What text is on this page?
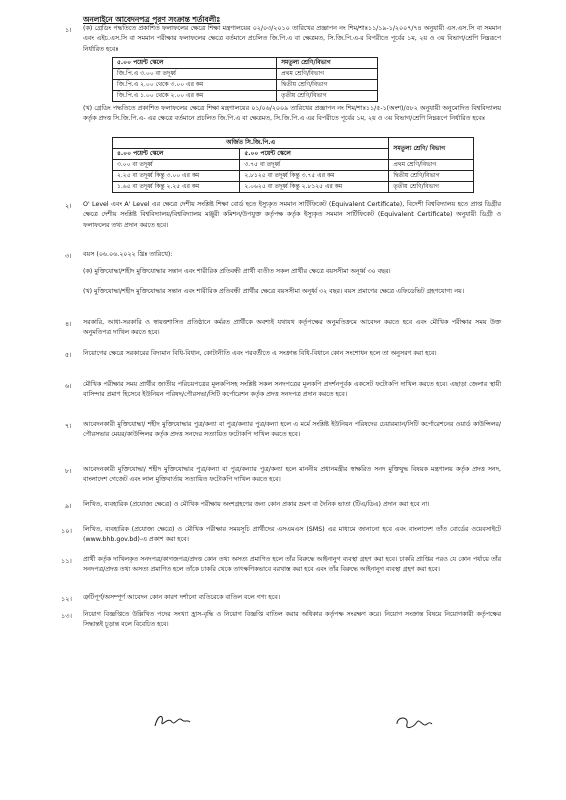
অনলাইনে আবেদনপত্র পূরণ সংক্রান্ত শর্তাবলীঃ
১। (ক) গ্রেডিং পদ্ধতিতে প্রকাশিত ফলাফলের ক্ষেত্রে শিক্ষা মন্ত্রণালয়ের ০২/০৩/২০১০ তারিখের প্রজ্ঞাপন নং শিম/শাঃ১১/১৯-১/২০০৭/৭৪ অনুযায়ী এস.এস.সি বা সমমান এবং এইচ.এস.সি বা সমমান পরীক্ষার ফলাফলের ক্ষেত্রে বর্তমানে প্রচলিত জি.পি.এ বা ক্ষেত্রমত, সি.জি.পি.এ-র বিপরীতে পূর্বের ১ম, ২য় ও ৩য় বিভাগ/শ্রেণি নিম্নরূপে নির্ধারিত হবেঃ
৫.০০ পয়েন্ট স্কেলে	সমতুল্য শ্রেণি/বিভাগ
জি.পি.এ ৩.০০ বা তদূর্ধ্ব	প্রথম শ্রেণি/বিভাগ
জি.পি.এ ২.০০ থেকে ৩.০০ এর কম	দ্বিতীয় শ্রেণি/বিভাগ
জি.পি.এ ১.০০ থেকে ২.০০ এর কম	তৃতীয় শ্রেণি/বিভাগ
(খ) গ্রেডিং পদ্ধতিতে প্রকাশিত ফলাফলের ক্ষেত্রে শিক্ষা মন্ত্রণালয়ের ০১/০৬/২০০৯ তারিখের প্রজ্ঞাপন নং শিম/শাঃ১১/৫-১(অংশ)/৫৮২ অনুযায়ী অনুমোদিত বিশ্ববিদ্যালয় কর্তৃক প্রদত্ত সি.জি.পি.এ- এর ক্ষেত্রে বর্তমানে প্রচলিত জি.পি.এ বা ক্ষেত্রমত, সি.জি.পি.এ এর বিপরীতে পূর্বের ১ম, ২য় ও ৩য় বিভাগ/শ্রেণি নিম্নরূপে নির্ধারিত হবেঃ
অর্জিত সি.জি.পি.এ		সমতুল্য শ্রেণি/ বিভাগ
৪.০০ পয়েন্ট স্কেলে	৫.০০ পয়েন্ট স্কেলে	
৩.০০ বা তদূর্ধ্ব	৩.৭৫ বা তদূর্ধ্ব	প্রথম শ্রেণি/বিভাগ
২.২৫ বা তদূর্ধ্ব কিন্তু ৩.০০ এর কম	২.৮১২৫ বা তদূর্ধ্ব কিন্তু ৩.৭৫ এর কম	দ্বিতীয় শ্রেণি/বিভাগ
১.৬৫ বা তদূর্ধ্ব কিন্তু ২.২৫ এর কম	২.০৬২৫ বা তদূর্ধ্ব কিন্তু ২.৮১২৫ এর কম	তৃতীয় শ্রেণি/বিভাগ
২। O' Level এবং A' Level এর ক্ষেত্রে দেশীয় সংশ্লিষ্ট শিক্ষা বোর্ড হতে ইস্যুকৃত সমমান সার্টিফিকেট (Equivalent Certificate), বিদেশী বিশ্ববিদ্যালয় হতে প্রাপ্ত ডিগ্রীর ক্ষেত্রে দেশীয় সংশ্লিষ্ট বিশ্ববিদ্যালয়/বিশ্ববিদ্যালয় মঞ্জুরী কমিশন/উপযুক্ত কর্তৃপক্ষ কর্তৃক ইস্যুকৃত সমমান সার্টিফিকেট (Equivalent Certificate) অনুযায়ী ডিগ্রী ও ফলাফলের তথ্য প্রদান করতে হবে।
৩। বয়স (০৬.০৬.২০২২ খ্রিঃ তারিখে):
(ক) মুক্তিযোদ্ধা/শহীদ মুক্তিযোদ্ধার সন্তান এবং শারীরিক প্রতিবন্ধী প্রার্থী ব্যতীত সকল প্রার্থীর ক্ষেত্রে বয়সসীমা অনূর্ধ্ব ৩০ বছর।
(খ) মুক্তিযোদ্ধা/শহীদ মুক্তিযোদ্ধার সন্তান এবং শারীরিক প্রতিবন্ধী প্রার্থীর ক্ষেত্রে বয়সসীমা অনূর্ধ্ব ৩২ বছর। বয়স প্রমাণের ক্ষেত্রে এফিডেভিট গ্রহণযোগ্য নয়।
৪। সরকারি, আধা-সরকারি ও স্বায়ত্তশাসিত প্রতিষ্ঠানে কর্মরত প্রার্থীকে অবশ্যই যথাযথ কর্তৃপক্ষের অনুমতিক্রমে আবেদন করতে হবে এবং মৌখিক পরীক্ষার সময় উক্ত অনুমতিপত্র দাখিল করতে হবে।
৫। নিয়োগের ক্ষেত্রে সরকারের বিদ্যমান বিধি-বিধান, কোটানীতি এবং পরবর্তীতে এ সংক্রান্ত বিধি-বিধানে কোন সংশোধন হলে তা অনুসরণ করা হবে।
৬। মৌখিক পরীক্ষার সময় প্রার্থীর জাতীয় পরিচয়পত্রের মূলকপিসহ সংশ্লিষ্ট সকল সনদপত্রের মূলকপি প্রদর্শনপূর্বক একসেট ফটোকপি দাখিল করতে হবে। এছাড়া জেলার স্থায়ী বাসিন্দার প্রমাণ হিসেবে ইউনিয়ন পরিষদ/পৌরসভা/সিটি কর্পোরেশন কর্তৃক প্রদত্ত সনদপত্র প্রদান করতে হবে।
৭। আবেদনকারী মুক্তিযোদ্ধা/ শহীদ মুক্তিযোদ্ধার পুত্র/কন্যা বা পুত্র/কন্যার পুত্র/কন্যা হলে এ মর্মে সংশ্লিষ্ট ইউনিয়ন পরিষদের চেয়ারম্যান/সিটি কর্পোরেশনের ওয়ার্ড কাউন্সিলর/পৌরসভার মেয়র/কাউন্সিলর কর্তৃক প্রদত্ত সনদের সত্যায়িত ফটোকপি দাখিল করতে হবে।
৮। আবেদনকারী মুক্তিযোদ্ধা/ শহীদ মুক্তিযোদ্ধার পুত্র/কন্যা বা পুত্র/কন্যার পুত্র/কন্যা হলে মাননীয় প্রধানমন্ত্রীর স্বাক্ষরিত সনদ মুক্তিযুদ্ধ বিষয়ক মন্ত্রণালয় কর্তৃক প্রদত্ত সনদ, বাংলাদেশ গেজেট এবং লাল মুক্তিবার্তায় সত্যায়িত ফটোকপি দাখিল করতে হবে।
৯। লিখিত, ব্যবহারিক (প্রযোজ্য ক্ষেত্রে) ও মৌখিক পরীক্ষায় অংশগ্রহণের জন্য কোন প্রকার ভ্রমণ বা দৈনিক ভাতা (টিএ/ডিএ) প্রদান করা হবে না।
১০। লিখিত, ব্যবহারিক (প্রযোজ্য ক্ষেত্রে) ও মৌখিক পরীক্ষার সময়সূচি প্রার্থীদের এসএমএস (SMS) এর মাধ্যমে জানানো হবে এবং বাংলাদেশ তাঁত বোর্ডের ওয়েবসাইটে (www.bhb.gov.bd)-এ প্রকাশ করা হবে।
১১। প্রার্থী কর্তৃক দাখিলকৃত সনদপত্র/কাগজপত্র/প্রদত্ত কোন তথ্য অসত্য প্রমাণিত হলে তাঁর বিরুদ্ধে আইনানুগ ব্যবস্থা গ্রহণ করা হবে। চাকরি প্রাপ্তির পরও যে কোন পর্যায়ে তাঁর সনদপত্র/প্রদত্ত তথ্য অসত্য প্রমাণিত হলে তাঁকে চাকরি থেকে তাৎক্ষণিকভাবে বরখাস্ত করা হবে এবং তাঁর বিরুদ্ধে আইনানুগ ব্যবস্থা গ্রহণ করা হবে।
১২। ত্রুটিপূর্ণ/অসম্পূর্ণ আবেদন কোন কারণ দর্শানো ব্যতিরেকে বাতিল বলে গণ্য হবে।
১৩। নিয়োগ বিজ্ঞপ্তিতে উল্লিখিত পদের সংখ্যা হ্রাস-বৃদ্ধি ও নিয়োগ বিজ্ঞপ্তি বাতিল করার অধিকার কর্তৃপক্ষ সংরক্ষণ করে। নিয়োগ সংক্রান্ত বিষয়ে নিয়োগকারী কর্তৃপক্ষের সিদ্ধান্তই চূড়ান্ত বলে বিবেচিত হবে।
